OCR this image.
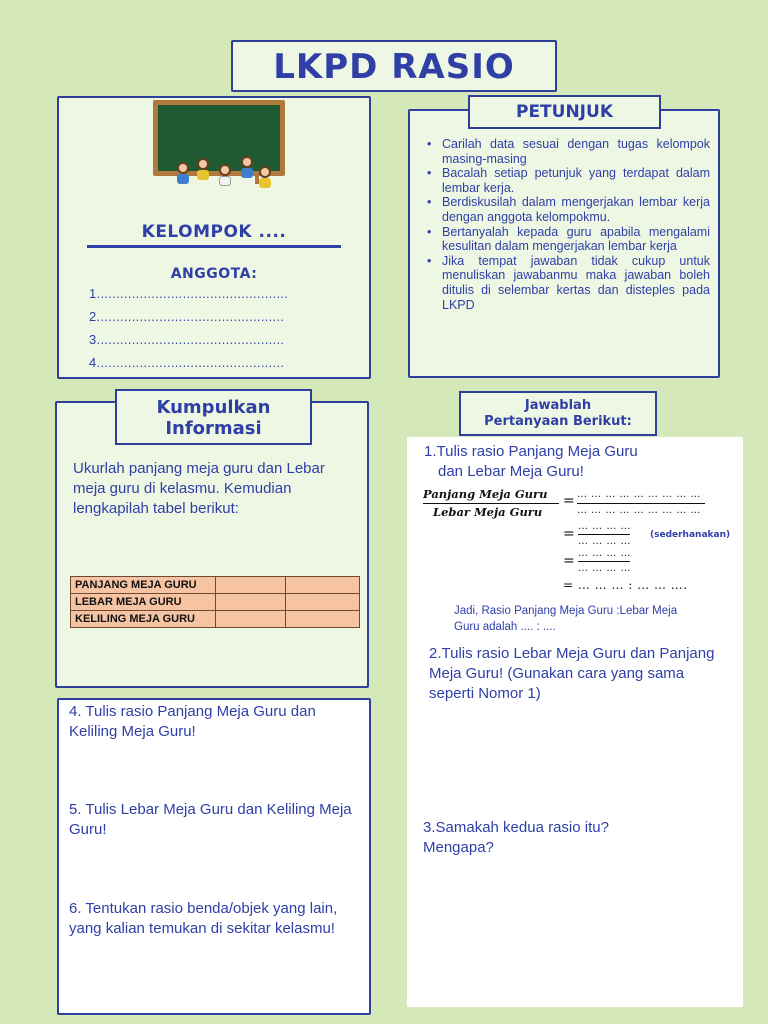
LKPD RASIO
KELOMPOK ....
ANGGOTA:
1.................................................
2................................................
3................................................
4................................................
• Carilah data sesuai dengan tugas kelompok masing-masing
• Bacalah setiap petunjuk yang terdapat dalam lembar kerja.
• Berdiskusilah dalam mengerjakan lembar kerja dengan anggota kelompokmu.
• Bertanyalah kepada guru apabila mengalami kesulitan dalam mengerjakan lembar kerja
• Jika tempat jawaban tidak cukup untuk menuliskan jawabanmu maka jawaban boleh ditulis di selembar kertas dan disteples pada LKPD
PETUNJUK
Ukurlah panjang meja guru dan Lebar meja guru di kelasmu. Kemudian lengkapilah tabel berikut:
PANJANG MEJA GURU		
LEBAR MEJA GURU		
KELILING MEJA GURU		
Kumpulkan
Informasi
Jawablah
Pertanyaan Berikut:
1.Tulis rasio Panjang Meja Guru
dan Lebar Meja Guru!
Panjang Meja Guru
Lebar Meja Guru
= … … … … … … … … …
… … … … … … … … …
= … … … …
… … … …
(sederhanakan)
= … … … …
… … … …
= … … … : … … ….
Jadi, Rasio Panjang Meja Guru :Lebar Meja Guru adalah .... : ....
2.Tulis rasio Lebar Meja Guru dan Panjang Meja Guru! (Gunakan cara yang sama seperti Nomor 1)
3.Samakah kedua rasio itu? Mengapa?
4. Tulis rasio Panjang Meja Guru dan Keliling Meja Guru!
5. Tulis Lebar Meja Guru dan Keliling Meja Guru!
6. Tentukan rasio benda/objek yang lain, yang kalian temukan di sekitar kelasmu!
